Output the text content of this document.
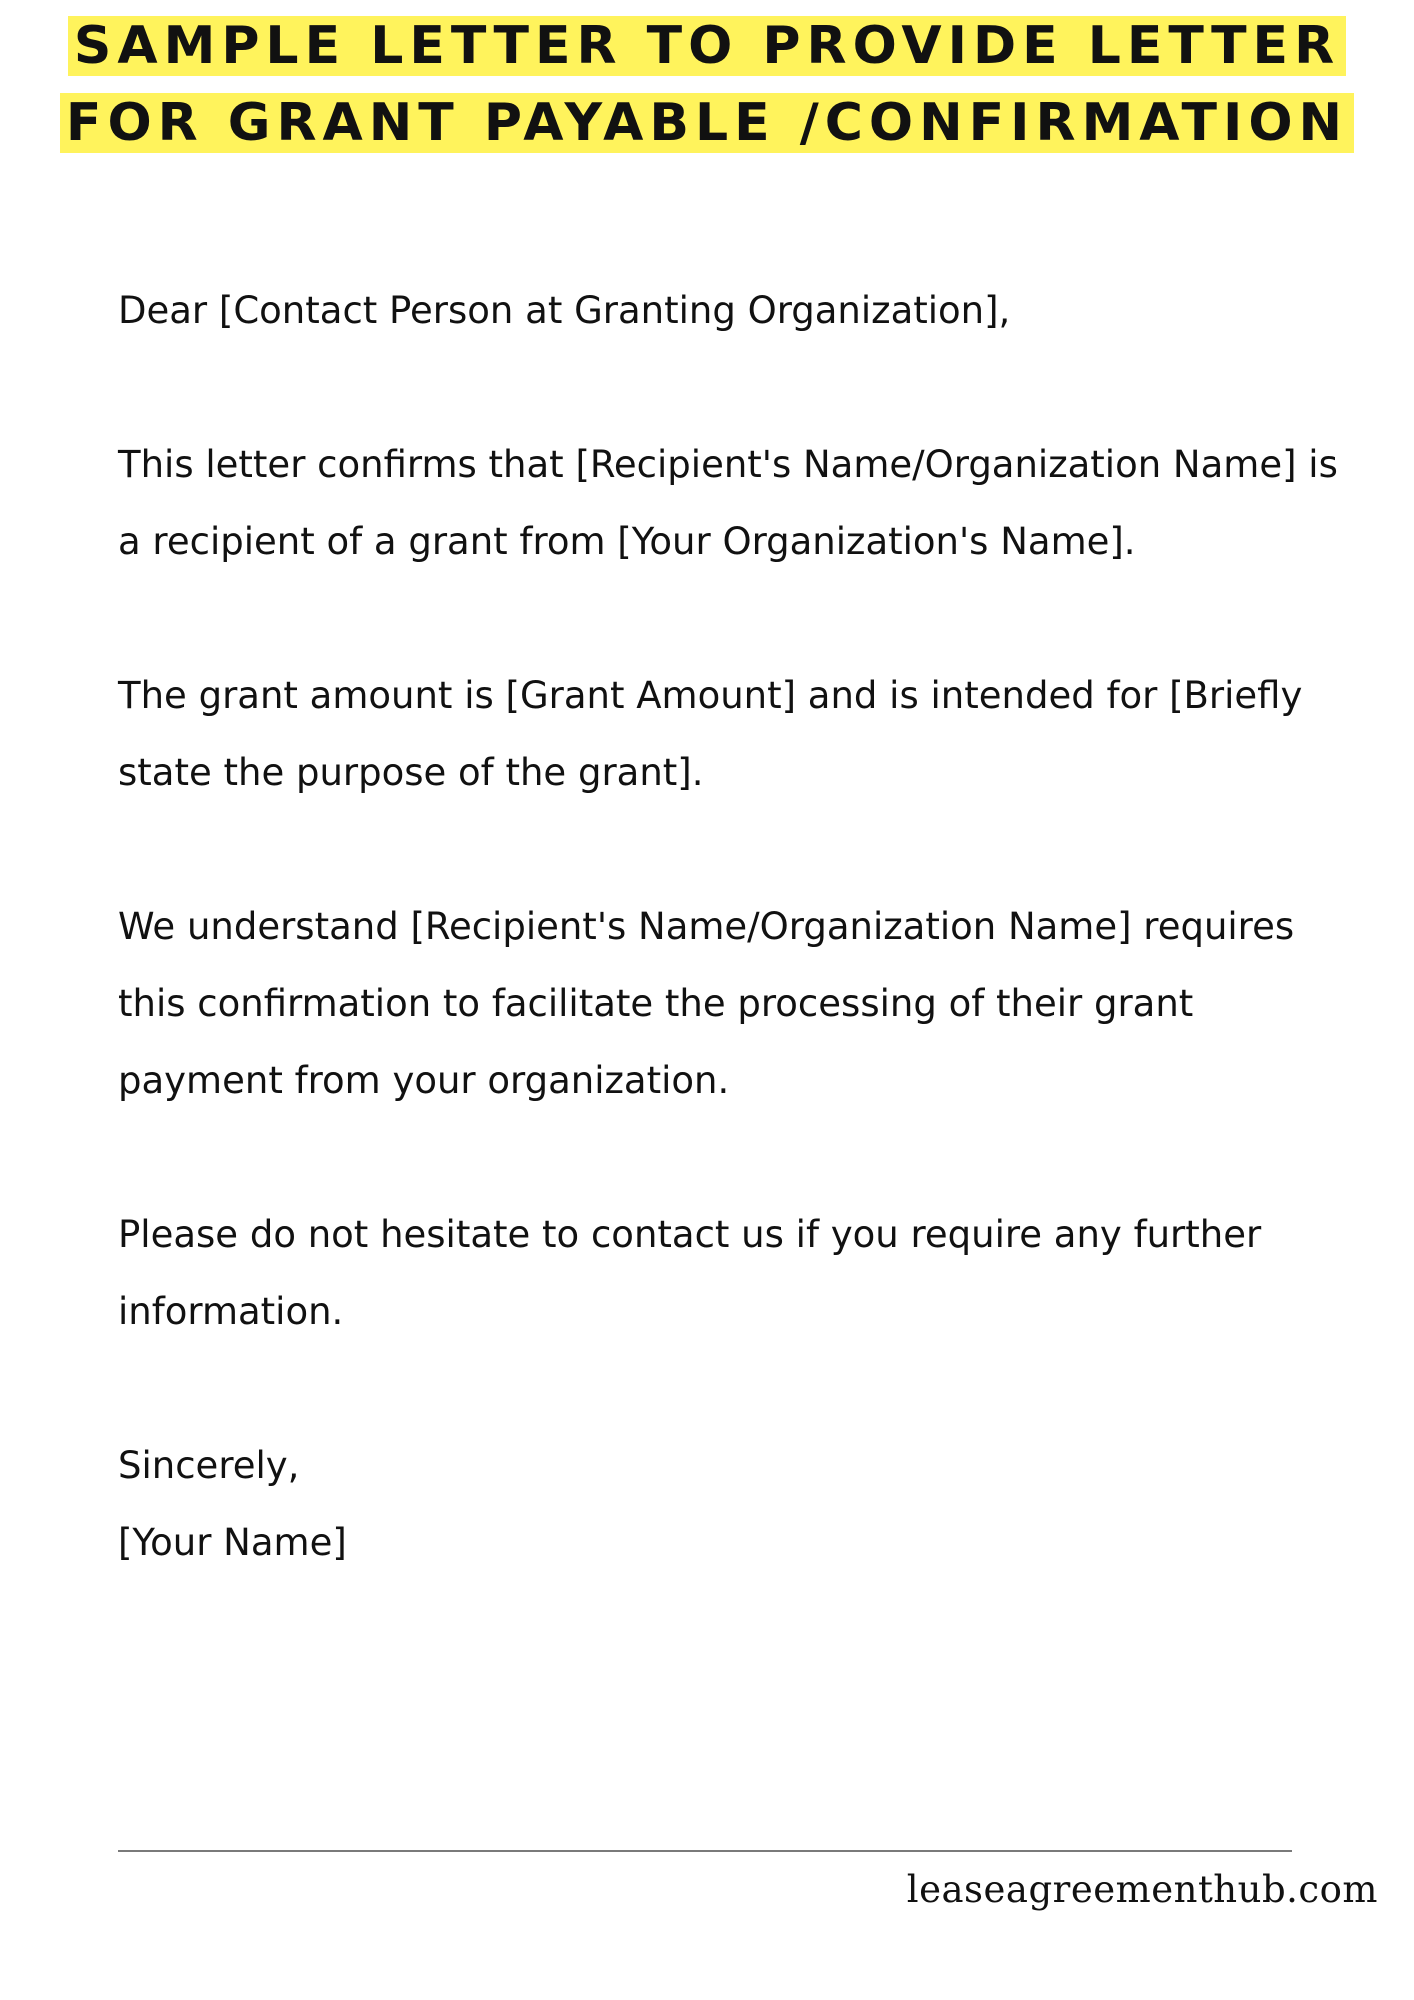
SAMPLE LETTER TO PROVIDE LETTER FOR GRANT PAYABLE /CONFIRMATION

Dear [Contact Person at Granting Organization],

This letter confirms that [Recipient's Name/Organization Name] is a recipient of a grant from [Your Organization's Name].

The grant amount is [Grant Amount] and is intended for [Briefly state the purpose of the grant].

We understand [Recipient's Name/Organization Name] requires this confirmation to facilitate the processing of their grant payment from your organization.

Please do not hesitate to contact us if you require any further information.

Sincerely,
[Your Name]

leaseagreementhub.com
